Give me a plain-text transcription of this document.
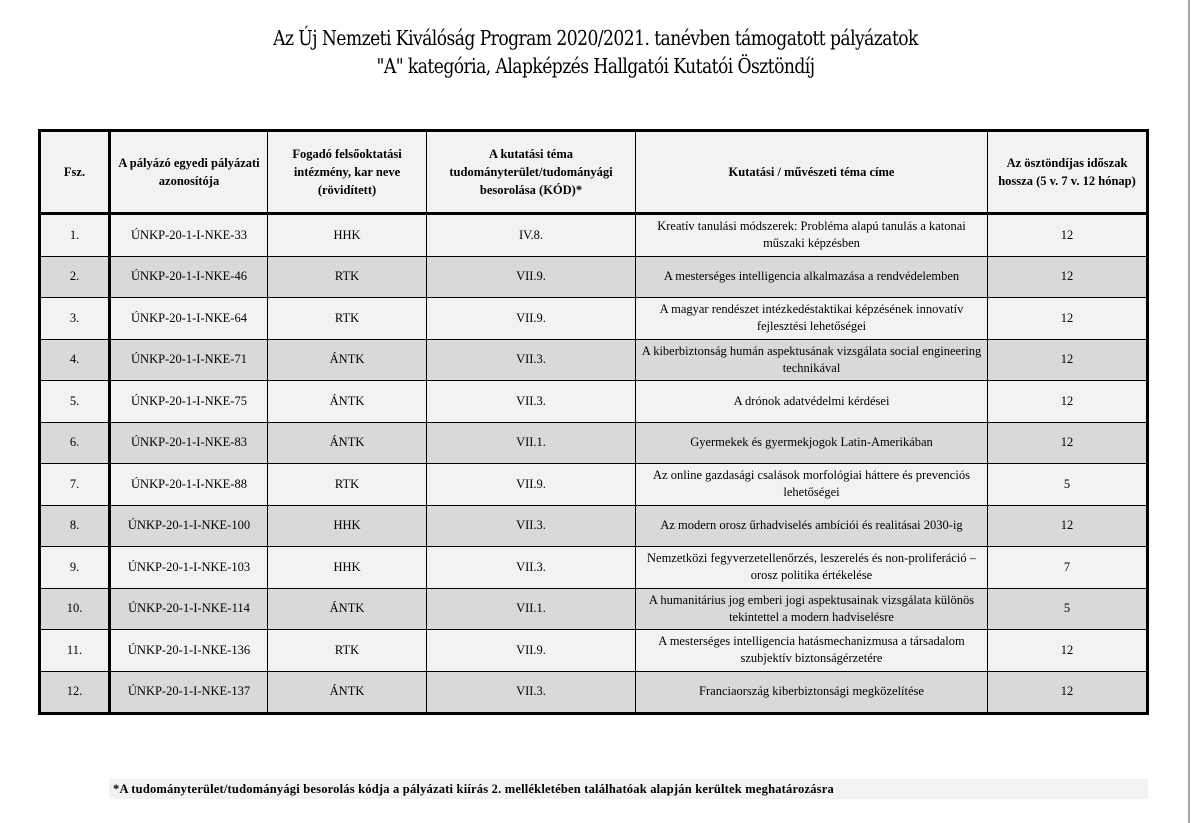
Az Új Nemzeti Kiválóság Program 2020/2021. tanévben támogatott pályázatok
"A" kategória, Alapképzés Hallgatói Kutatói Ösztöndíj
Fsz.	A pályázó egyedi pályázati azonosítója	Fogadó felsőoktatási intézmény, kar neve (rövidített)	A kutatási téma tudományterület/tudományági besorolása (KÓD)*	Kutatási / művészeti téma címe	Az ösztöndíjas időszak hossza (5 v. 7 v. 12 hónap)
1.	ÚNKP-20-1-I-NKE-33	HHK	IV.8.	Kreatív tanulási módszerek: Probléma alapú tanulás a katonai műszaki képzésben	12
2.	ÚNKP-20-1-I-NKE-46	RTK	VII.9.	A mesterséges intelligencia alkalmazása a rendvédelemben	12
3.	ÚNKP-20-1-I-NKE-64	RTK	VII.9.	A magyar rendészet intézkedéstaktikai képzésének innovatív fejlesztési lehetőségei	12
4.	ÚNKP-20-1-I-NKE-71	ÁNTK	VII.3.	A kiberbiztonság humán aspektusának vizsgálata social engineering technikával	12
5.	ÚNKP-20-1-I-NKE-75	ÁNTK	VII.3.	A drónok adatvédelmi kérdései	12
6.	ÚNKP-20-1-I-NKE-83	ÁNTK	VII.1.	Gyermekek és gyermekjogok Latin-Amerikában	12
7.	ÚNKP-20-1-I-NKE-88	RTK	VII.9.	Az online gazdasági csalások morfológiai háttere és prevenciós lehetőségei	5
8.	ÚNKP-20-1-I-NKE-100	HHK	VII.3.	Az modern orosz űrhadviselés ambíciói és realitásai 2030-ig	12
9.	ÚNKP-20-1-I-NKE-103	HHK	VII.3.	Nemzetközi fegyverzetellenőrzés, leszerelés és non-proliferáció – orosz politika értékelése	7
10.	ÚNKP-20-1-I-NKE-114	ÁNTK	VII.1.	A humanitárius jog emberi jogi aspektusainak vizsgálata különös tekintettel a modern hadviselésre	5
11.	ÚNKP-20-1-I-NKE-136	RTK	VII.9.	A mesterséges intelligencia hatásmechanizmusa a társadalom szubjektív biztonságérzetére	12
12.	ÚNKP-20-1-I-NKE-137	ÁNTK	VII.3.	Franciaország kiberbiztonsági megközelítése	12
*A tudományterület/tudományági besorolás kódja a pályázati kiírás 2. mellékletében találhatóak alapján kerültek meghatározásra
